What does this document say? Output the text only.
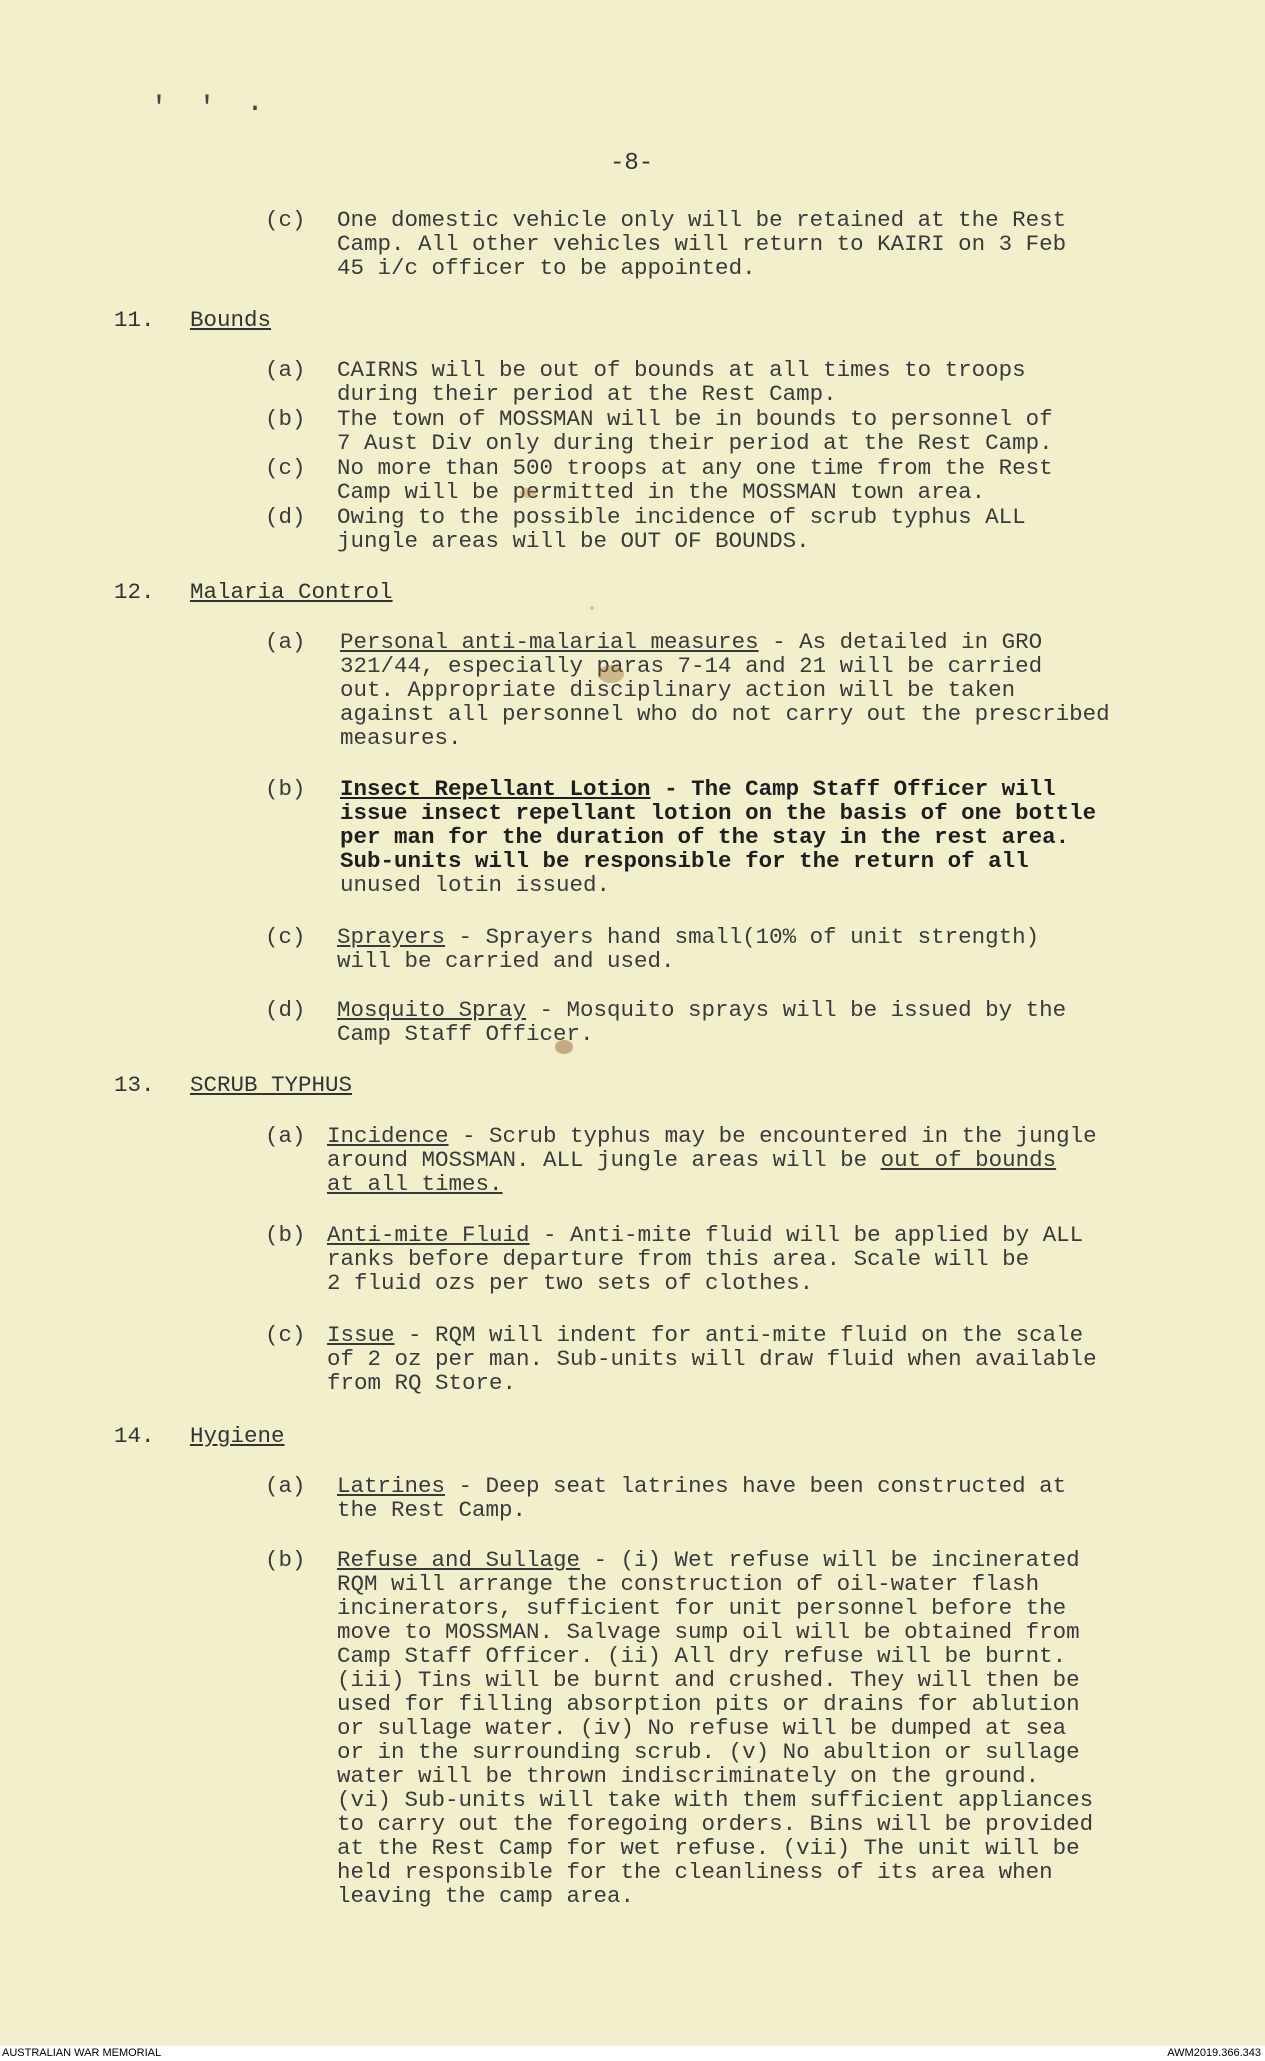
' ' ·
-8-
(c) One domestic vehicle only will be retained at the Rest
Camp. All other vehicles will return to KAIRI on 3 Feb
45 i/c officer to be appointed.
11. Bounds
(a) CAIRNS will be out of bounds at all times to troops
during their period at the Rest Camp.
(b) The town of MOSSMAN will be in bounds to personnel of
7 Aust Div only during their period at the Rest Camp.
(c) No more than 500 troops at any one time from the Rest
Camp will be permitted in the MOSSMAN town area.
(d) Owing to the possible incidence of scrub typhus ALL
jungle areas will be OUT OF BOUNDS.
12. Malaria Control
(a) Personal anti-malarial measures - As detailed in GRO
321/44, especially paras 7-14 and 21 will be carried
out. Appropriate disciplinary action will be taken
against all personnel who do not carry out the prescribed
measures.
(b) Insect Repellant Lotion - The Camp Staff Officer will
issue insect repellant lotion on the basis of one bottle
per man for the duration of the stay in the rest area.
Sub-units will be responsible for the return of all
unused lotin issued.
(c) Sprayers - Sprayers hand small(10% of unit strength)
will be carried and used.
(d) Mosquito Spray - Mosquito sprays will be issued by the
Camp Staff Officer.
13. SCRUB TYPHUS
(a) Incidence - Scrub typhus may be encountered in the jungle
around MOSSMAN. ALL jungle areas will be out of bounds
at all times.
(b) Anti-mite Fluid - Anti-mite fluid will be applied by ALL
ranks before departure from this area. Scale will be
2 fluid ozs per two sets of clothes.
(c) Issue - RQM will indent for anti-mite fluid on the scale
of 2 oz per man. Sub-units will draw fluid when available
from RQ Store.
14. Hygiene
(a) Latrines - Deep seat latrines have been constructed at
the Rest Camp.
(b) Refuse and Sullage - (i) Wet refuse will be incinerated
RQM will arrange the construction of oil-water flash
incinerators, sufficient for unit personnel before the
move to MOSSMAN. Salvage sump oil will be obtained from
Camp Staff Officer. (ii) All dry refuse will be burnt.
(iii) Tins will be burnt and crushed. They will then be
used for filling absorption pits or drains for ablution
or sullage water. (iv) No refuse will be dumped at sea
or in the surrounding scrub. (v) No abultion or sullage
water will be thrown indiscriminately on the ground.
(vi) Sub-units will take with them sufficient appliances
to carry out the foregoing orders. Bins will be provided
at the Rest Camp for wet refuse. (vii) The unit will be
held responsible for the cleanliness of its area when
leaving the camp area.
AUSTRALIAN WAR MEMORIAL	AWM2019.366.343
